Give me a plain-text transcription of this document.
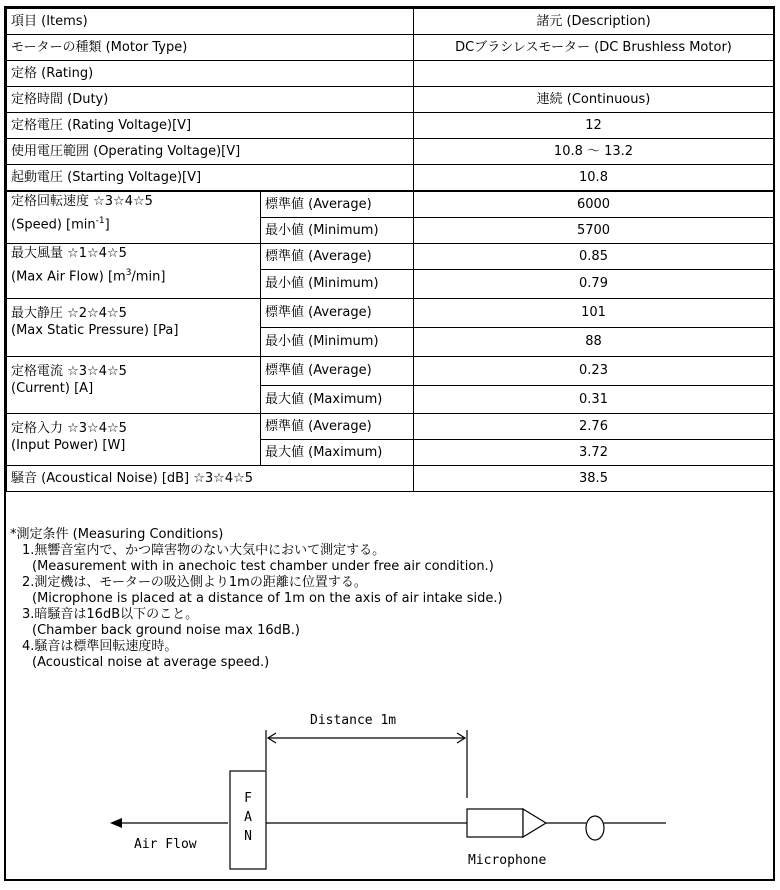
項目 (Items)		諸元 (Description)
モーターの種類 (Motor Type)		DCブラシレスモーター (DC Brushless Motor)
定格 (Rating)		
定格時間 (Duty)		連続 (Continuous)
定格電圧 (Rating Voltage)[V]		12
使用電圧範囲 (Operating Voltage)[V]		10.8 ～ 13.2
起動電圧 (Starting Voltage)[V]		10.8

定格回転速度 ☆3☆4☆5
(Speed) $[\min^{-1}]$	標準値 (Average)	6000
	最小値 (Minimum)	5700

最大風量 ☆1☆4☆5
(Max Air Flow) $[m^3/\min]$	標準値 (Average)	0.85
	最小値 (Minimum)	0.79

最大静圧 ☆2☆4☆5
(Max Static Pressure) [Pa]	標準値 (Average)	101
	最小値 (Minimum)	88

定格電流 ☆3☆4☆5
(Current) [A]	標準値 (Average)	0.23
	最大値 (Maximum)	0.31

定格入力 ☆3☆4☆5
(Input Power) [W]	標準値 (Average)	2.76
	最大値 (Maximum)	3.72
騒音 (Acoustical Noise) [dB] ☆3☆4☆5		38.5
*測定条件 (Measuring Conditions)
1.無響音室内で、かつ障害物のない大気中において測定する。
(Measurement with in anechoic test chamber under free air condition.)
2.測定機は、モーターの吸込側より1mの距離に位置する。
(Microphone is placed at a distance of 1m on the axis of air intake side.)
3.暗騒音は16dB以下のこと。
(Chamber back ground noise max 16dB.)
4.騒音は標準回転速度時。
(Acoustical noise at average speed.)
Distance 1m
F
A
N
Air Flow
Microphone
